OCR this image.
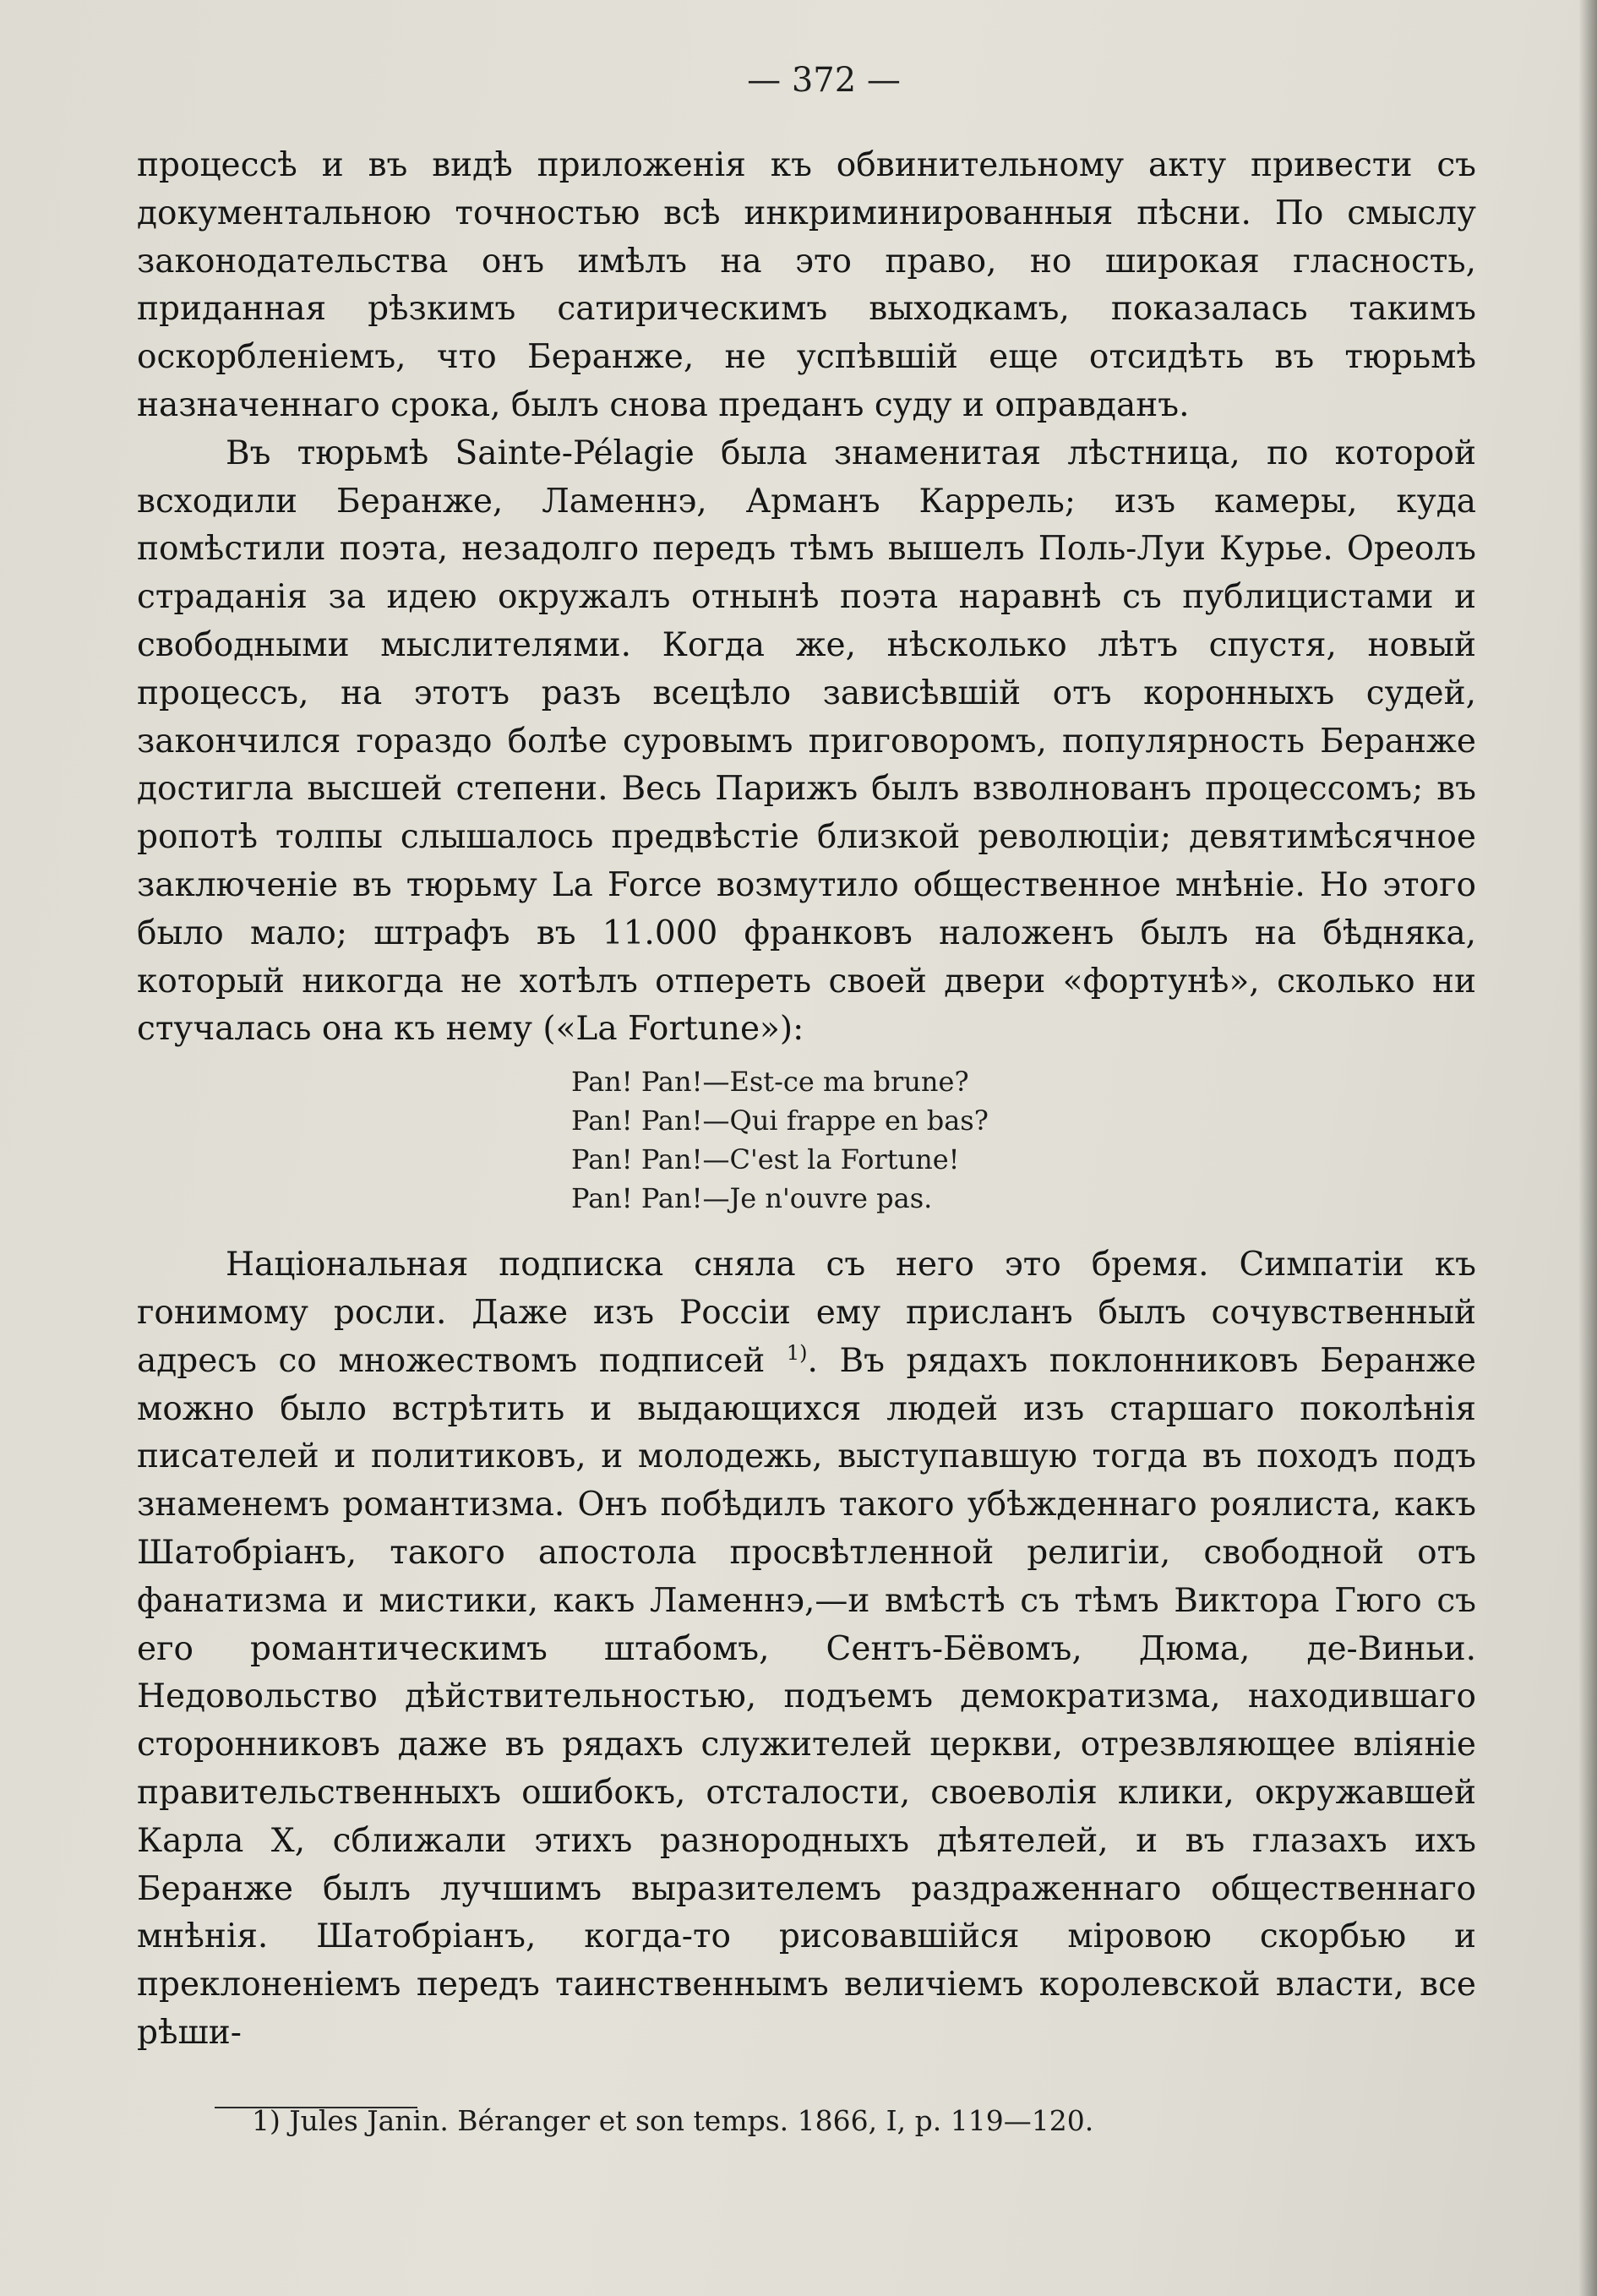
— 372 —

процессѣ и въ видѣ приложенія къ обвинительному акту привести съ документальною точностью всѣ инкриминированныя пѣсни. По смыслу законодательства онъ имѣлъ на это право, но широкая гласность, приданная рѣзкимъ сатирическимъ выходкамъ, показалась такимъ оскорбленіемъ, что Беранже, не успѣвшій еще отсидѣть въ тюрьмѣ назначеннаго срока, былъ снова преданъ суду и оправданъ.

Въ тюрьмѣ Sainte-Pélagie была знаменитая лѣстница, по которой всходили Беранже, Ламеннэ, Арманъ Каррель; изъ камеры, куда помѣстили поэта, незадолго передъ тѣмъ вышелъ Поль-Луи Курье. Ореолъ страданія за идею окружалъ отнынѣ поэта наравнѣ съ публицистами и свободными мыслителями. Когда же, нѣсколько лѣтъ спустя, новый процессъ, на этотъ разъ всецѣло зависѣвшій отъ коронныхъ судей, закончился гораздо болѣе суровымъ приговоромъ, популярность Беранже достигла высшей степени. Весь Парижъ былъ взволнованъ процессомъ; въ ропотѣ толпы слышалось предвѣстіе близкой революціи; девятимѣсячное заключеніе въ тюрьму La Force возмутило общественное мнѣніе. Но этого было мало; штрафъ въ 11.000 франковъ наложенъ былъ на бѣдняка, который никогда не хотѣлъ отпереть своей двери «фортунѣ», сколько ни стучалась она къ нему («La Fortune»):

Pan! Pan!—Est-ce ma brune?
Pan! Pan!—Qui frappe en bas?
Pan! Pan!—C'est la Fortune!
Pan! Pan!—Je n'ouvre pas.

Національная подписка сняла съ него это бремя. Симпатіи къ гонимому росли. Даже изъ Россіи ему присланъ былъ сочувственный адресъ со множествомъ подписей $^{1)}$. Въ рядахъ поклонниковъ Беранже можно было встрѣтить и выдающихся людей изъ старшаго поколѣнія писателей и политиковъ, и молодежь, выступавшую тогда въ походъ подъ знаменемъ романтизма. Онъ побѣдилъ такого убѣжденнаго роялиста, какъ Шатобріанъ, такого апостола просвѣтленной религіи, свободной отъ фанатизма и мистики, какъ Ламеннэ,—и вмѣстѣ съ тѣмъ Виктора Гюго съ его романтическимъ штабомъ, Сентъ-Бёвомъ, Дюма, де-Виньи. Недовольство дѣйствительностью, подъемъ демократизма, находившаго сторонниковъ даже въ рядахъ служителей церкви, отрезвляющее вліяніе правительственныхъ ошибокъ, отсталости, своеволія клики, окружавшей Карла X, сближали этихъ разнородныхъ дѣятелей, и въ глазахъ ихъ Беранже былъ лучшимъ выразителемъ раздраженнаго общественнаго мнѣнія. Шатобріанъ, когда-то рисовавшійся міровою скорбью и преклоненіемъ передъ таинственнымъ величіемъ королевской власти, все рѣши-

1) Jules Janin. Béranger et son temps. 1866, I, p. 119—120.
